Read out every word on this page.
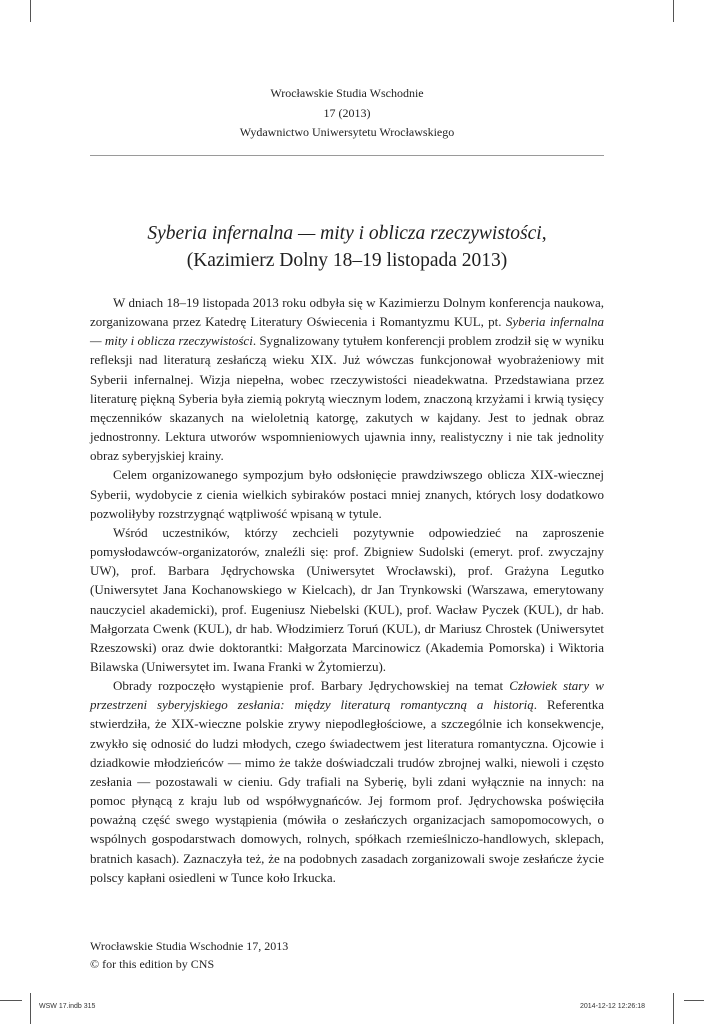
Wrocławskie Studia Wschodnie
17 (2013)
Wydawnictwo Uniwersytetu Wrocławskiego
Syberia infernalna — mity i oblicza rzeczywistości,
(Kazimierz Dolny 18–19 listopada 2013)

W dniach 18–19 listopada 2013 roku odbyła się w Kazimierzu Dolnym konferencja naukowa, zorganizowana przez Katedrę Literatury Oświecenia i Romantyzmu KUL, pt. Syberia infernalna — mity i oblicza rzeczywistości. Sygnalizowany tytułem konferencji problem zrodził się w wyniku refleksji nad literaturą zesłańczą wieku XIX. Już wówczas funkcjonował wyobrażeniowy mit Syberii infernalnej. Wizja niepełna, wobec rzeczywistości nieadekwatna. Przedstawiana przez literaturę piękną Syberia była ziemią pokrytą wiecznym lodem, znaczoną krzyżami i krwią tysięcy męczenników skazanych na wieloletnią katorgę, zakutych w kajdany. Jest to jednak obraz jednostronny. Lektura utworów wspomnieniowych ujawnia inny, realistyczny i nie tak jednolity obraz syberyjskiej krainy.

Celem organizowanego sympozjum było odsłonięcie prawdziwszego oblicza XIX-wiecznej Syberii, wydobycie z cienia wielkich sybiraków postaci mniej znanych, których losy dodatkowo pozwoliłyby rozstrzygnąć wątpliwość wpisaną w tytule.

Wśród uczestników, którzy zechcieli pozytywnie odpowiedzieć na zaproszenie pomysłodawców-organizatorów, znaleźli się: prof. Zbigniew Sudolski (emeryt. prof. zwyczajny UW), prof. Barbara Jędrychowska (Uniwersytet Wrocławski), prof. Grażyna Legutko (Uniwersytet Jana Kochanowskiego w Kielcach), dr Jan Trynkowski (Warszawa, emerytowany nauczyciel akademicki), prof. Eugeniusz Niebelski (KUL), prof. Wacław Pyczek (KUL), dr hab. Małgorzata Cwenk (KUL), dr hab. Włodzimierz Toruń (KUL), dr Mariusz Chrostek (Uniwersytet Rzeszowski) oraz dwie doktorantki: Małgorzata Marcinowicz (Akademia Pomorska) i Wiktoria Bilawska (Uniwersytet im. Iwana Franki w Żytomierzu).

Obrady rozpoczęło wystąpienie prof. Barbary Jędrychowskiej na temat Człowiek stary w przestrzeni syberyjskiego zesłania: między literaturą romantyczną a historią. Referentka stwierdziła, że XIX-wieczne polskie zrywy niepodległościowe, a szczególnie ich konsekwencje, zwykło się odnosić do ludzi młodych, czego świadectwem jest literatura romantyczna. Ojcowie i dziadkowie młodzieńców — mimo że także doświadczali trudów zbrojnej walki, niewoli i często zesłania — pozostawali w cieniu. Gdy trafiali na Syberię, byli zdani wyłącznie na innych: na pomoc płynącą z kraju lub od współwygnańców. Jej formom prof. Jędrychowska poświęciła poważną część swego wystąpienia (mówiła o zesłańczych organizacjach samopomocowych, o wspólnych gospodarstwach domowych, rolnych, spółkach rzemieślniczo-handlowych, sklepach, bratnich kasach). Zaznaczyła też, że na podobnych zasadach zorganizowali swoje zesłańcze życie polscy kapłani osiedleni w Tunce koło Irkucka.

Wrocławskie Studia Wschodnie 17, 2013
© for this edition by CNS
WSW 17.indb 315	2014-12-12 12:26:18
